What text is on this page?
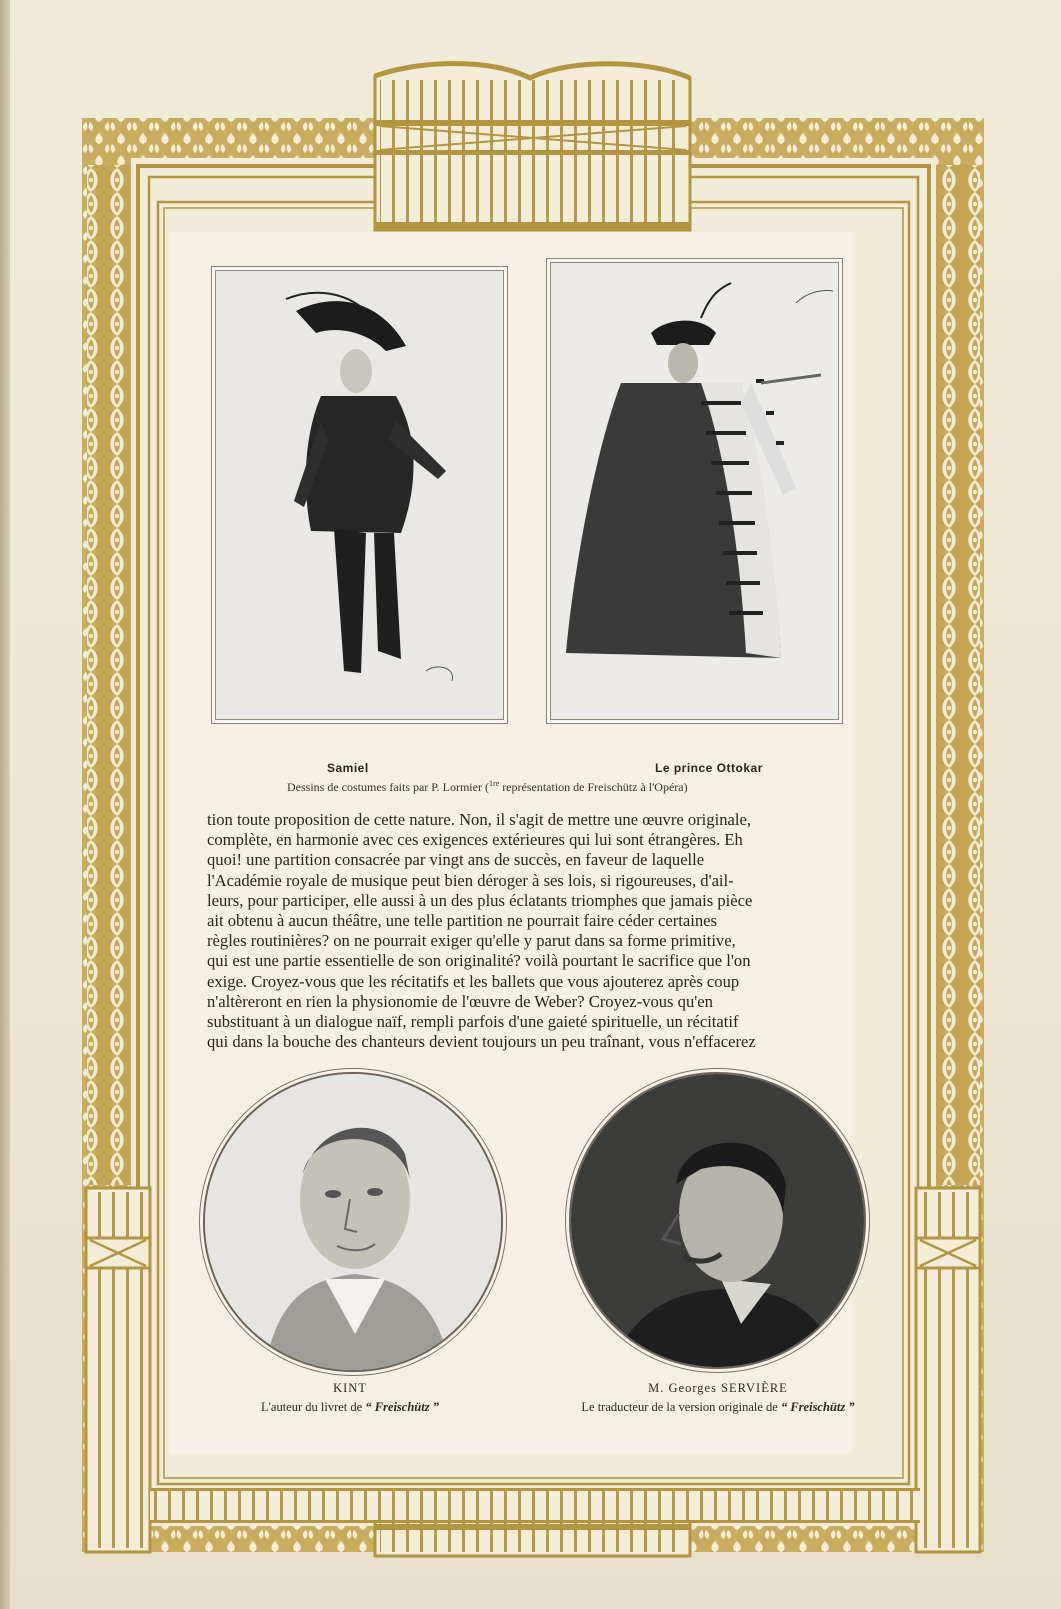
Samiel	Le prince Ottokar
Dessins de costumes faits par P. Lormier ($^{1re}$ représentation de Freischütz à l'Opéra)

tion toute proposition de cette nature. Non, il s'agit de mettre une œuvre originale,

complète, en harmonie avec ces exigences extérieures qui lui sont étrangères. Eh

quoi! une partition consacrée par vingt ans de succès, en faveur de laquelle

l'Académie royale de musique peut bien déroger à ses lois, si rigoureuses, d'ail-

leurs, pour participer, elle aussi à un des plus éclatants triomphes que jamais pièce

ait obtenu à aucun théâtre, une telle partition ne pourrait faire céder certaines

règles routinières? on ne pourrait exiger qu'elle y parut dans sa forme primitive,

qui est une partie essentielle de son originalité? voilà pourtant le sacrifice que l'on

exige. Croyez-vous que les récitatifs et les ballets que vous ajouterez après coup

n'altèreront en rien la physionomie de l'œuvre de Weber? Croyez-vous qu'en

substituant à un dialogue naïf, rempli parfois d'une gaieté spirituelle, un récitatif

qui dans la bouche des chanteurs devient toujours un peu traînant, vous n'effacerez

KINT
L'auteur du livret de “ Freischütz ”
M. Georges SERVIÈRE
Le traducteur de la version originale de “ Freischütz ”
